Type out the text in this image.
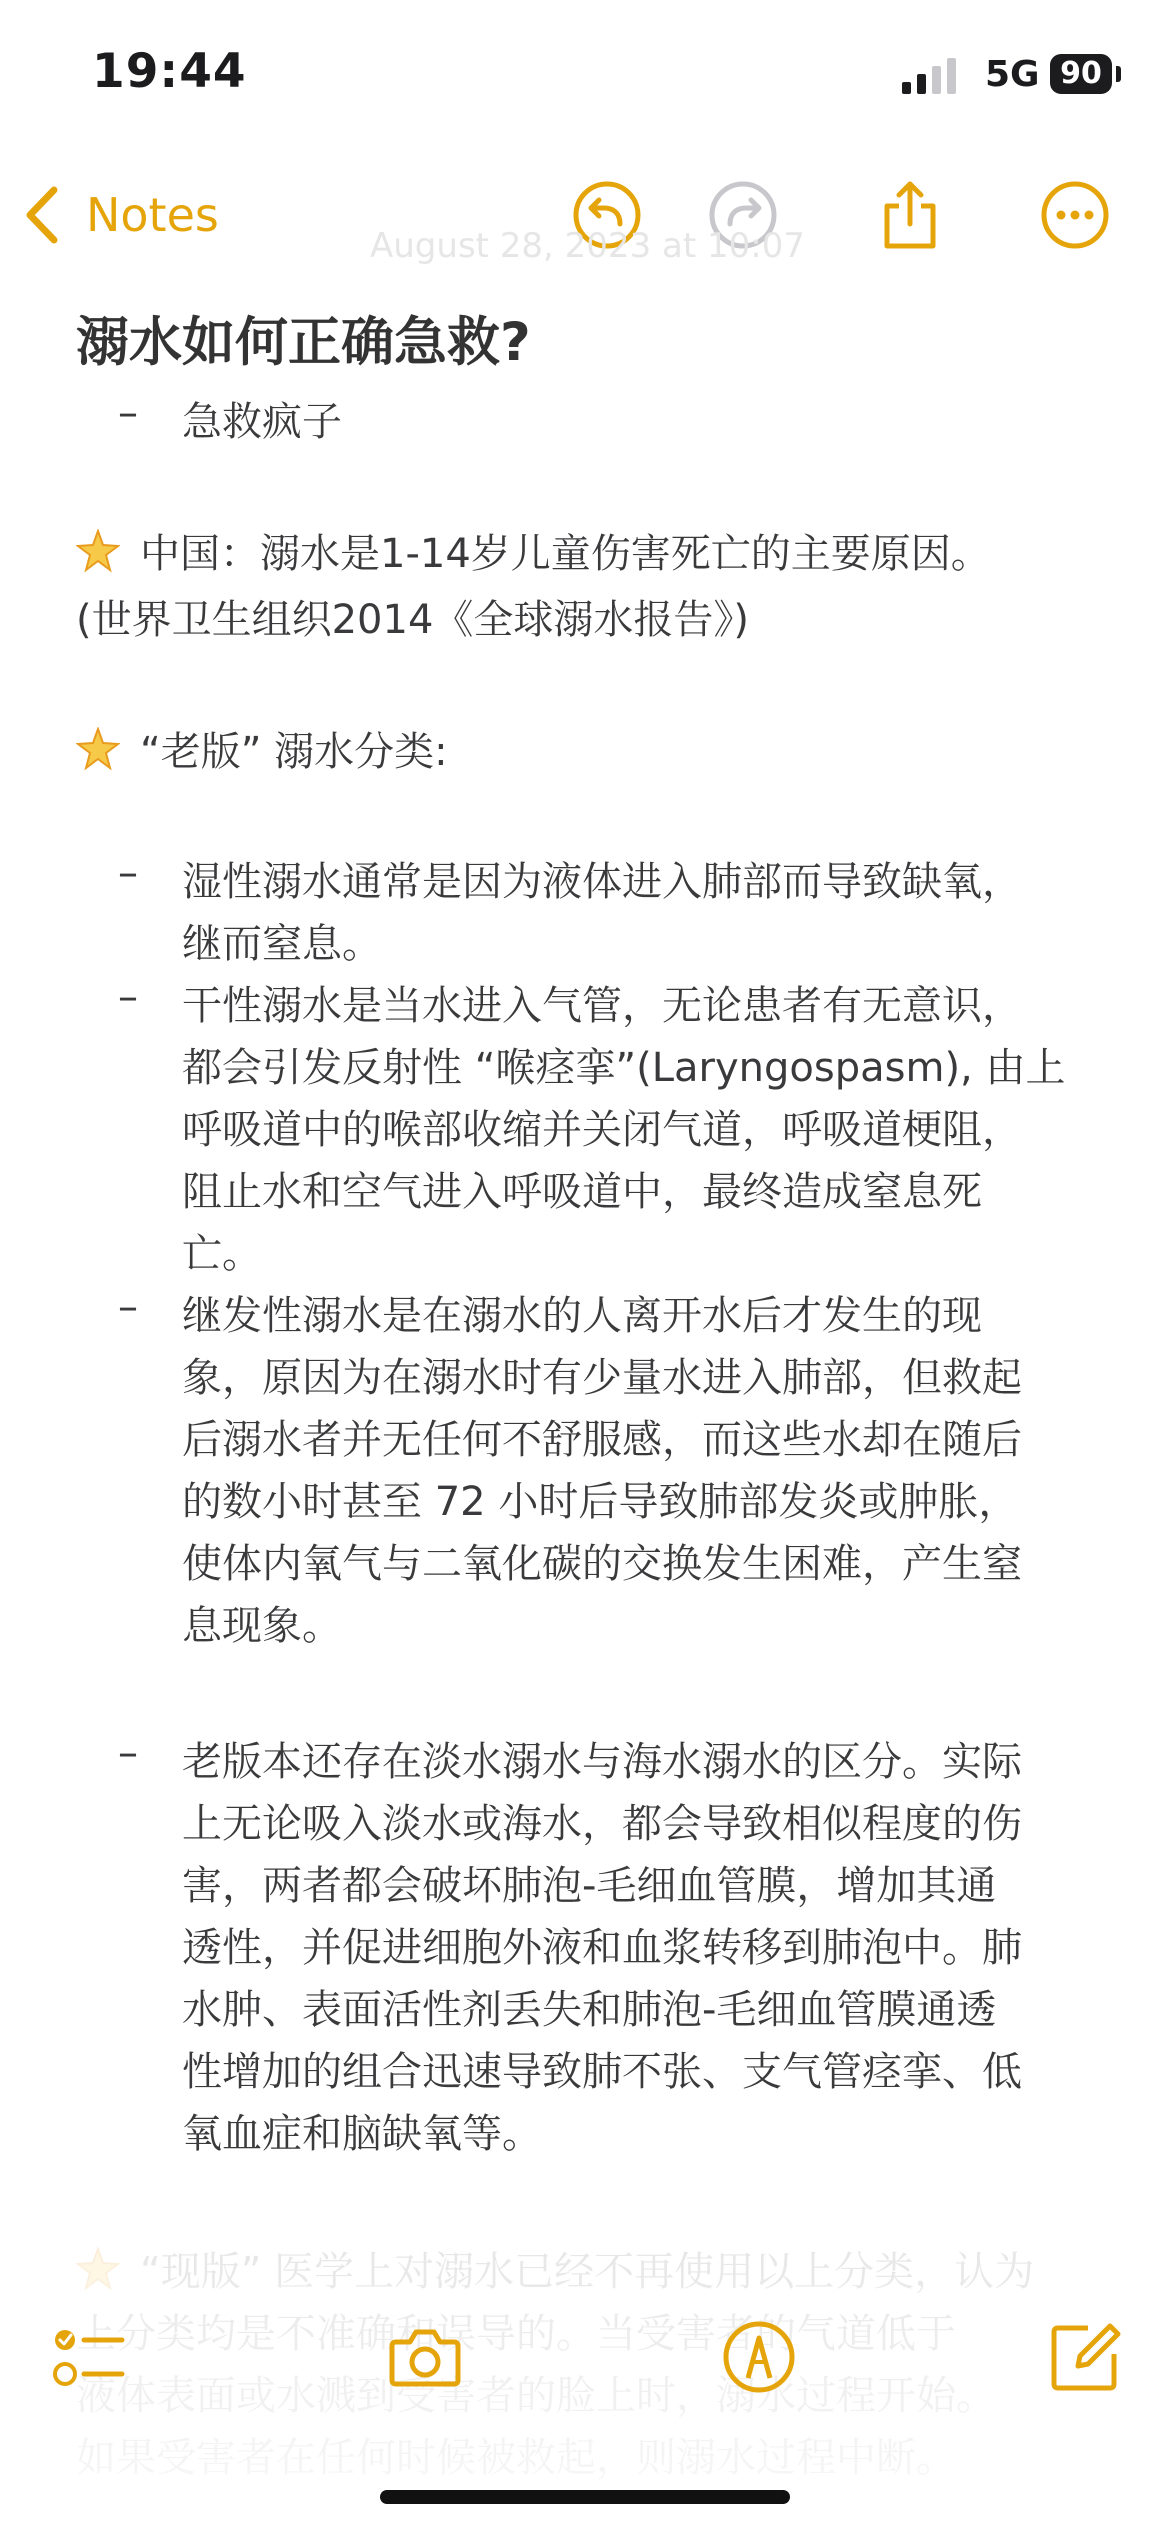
19:44	5G 90
Notes
August 28, 2023 at 10:07
溺水如何正确急救?
– 急救疯子
中国：溺水是1-14岁儿童伤害死亡的主要原因。
(世界卫生组织2014《全球溺水报告》)
“老版” 溺水分类:
– 湿性溺水通常是因为液体进入肺部而导致缺氧，
继而窒息。
– 干性溺水是当水进入气管，无论患者有无意识，
都会引发反射性 “喉痉挛”(Laryngospasm), 由上
呼吸道中的喉部收缩并关闭气道，呼吸道梗阻，
阻止水和空气进入呼吸道中，最终造成窒息死
亡。
– 继发性溺水是在溺水的人离开水后才发生的现
象，原因为在溺水时有少量水进入肺部，但救起
后溺水者并无任何不舒服感，而这些水却在随后
的数小时甚至 72 小时后导致肺部发炎或肿胀，
使体内氧气与二氧化碳的交换发生困难，产生窒
息现象。
– 老版本还存在淡水溺水与海水溺水的区分。实际
上无论吸入淡水或海水，都会导致相似程度的伤
害，两者都会破坏肺泡-毛细血管膜，增加其通
透性，并促进细胞外液和血浆转移到肺泡中。肺
水肿、表面活性剂丢失和肺泡-毛细血管膜通透
性增加的组合迅速导致肺不张、支气管痉挛、低
氧血症和脑缺氧等。
